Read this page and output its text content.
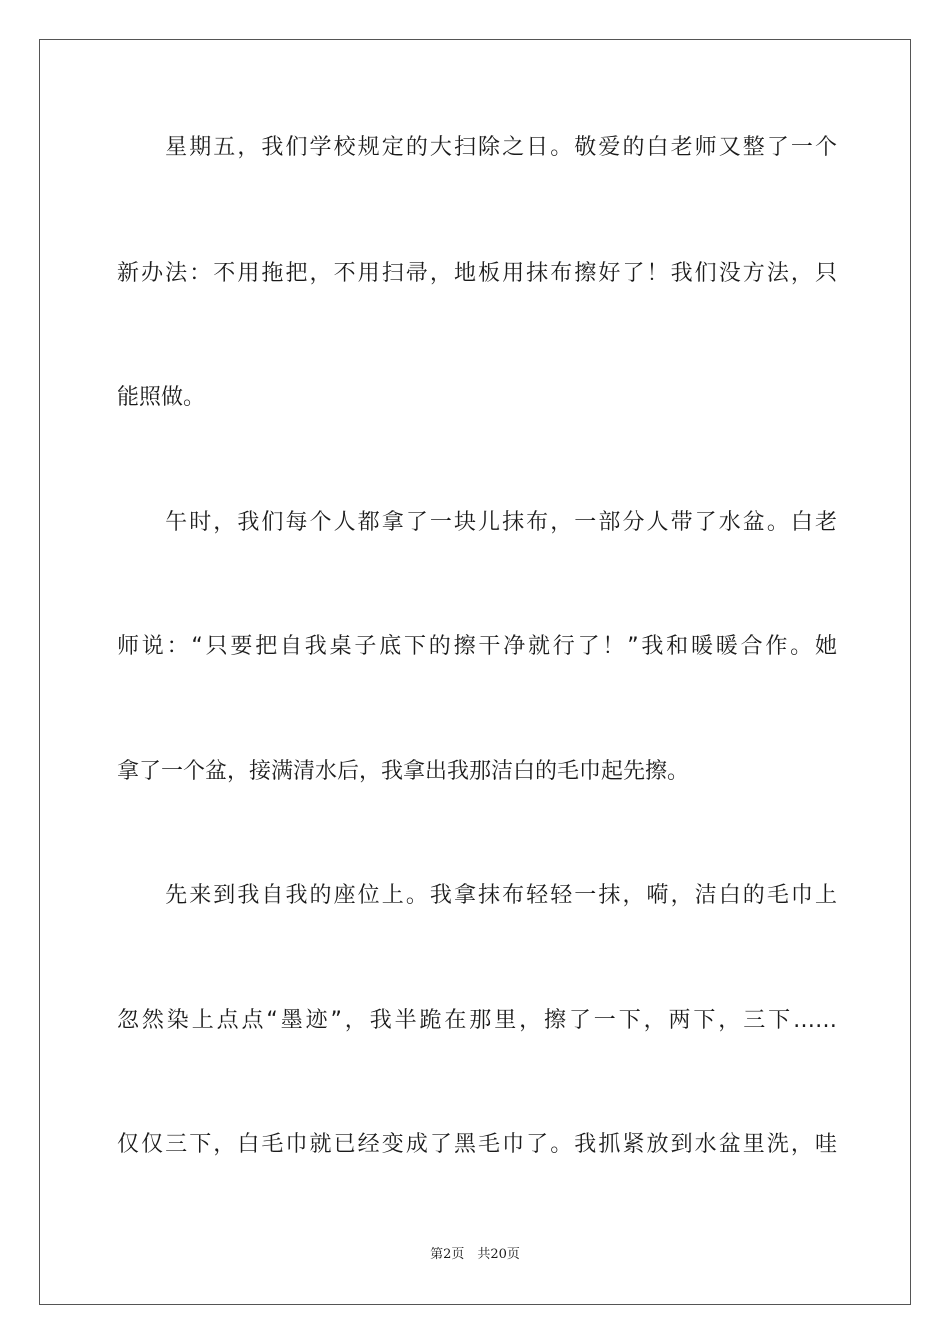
　　星期五，我们学校规定的大扫除之日。敬爱的白老师又整了一个
新办法：不用拖把，不用扫帚，地板用抹布擦好了！我们没方法，只
能照做。
　　午时，我们每个人都拿了一块儿抹布，一部分人带了水盆。白老
师说：“只要把自我桌子底下的擦干净就行了！”我和暖暖合作。她
拿了一个盆，接满清水后，我拿出我那洁白的毛巾起先擦。
　　先来到我自我的座位上。我拿抹布轻轻一抹，嗬，洁白的毛巾上
忽然染上点点“墨迹”，我半跪在那里，擦了一下，两下，三下……
仅仅三下，白毛巾就已经变成了黑毛巾了。我抓紧放到水盆里洗，哇
第2页　共20页
